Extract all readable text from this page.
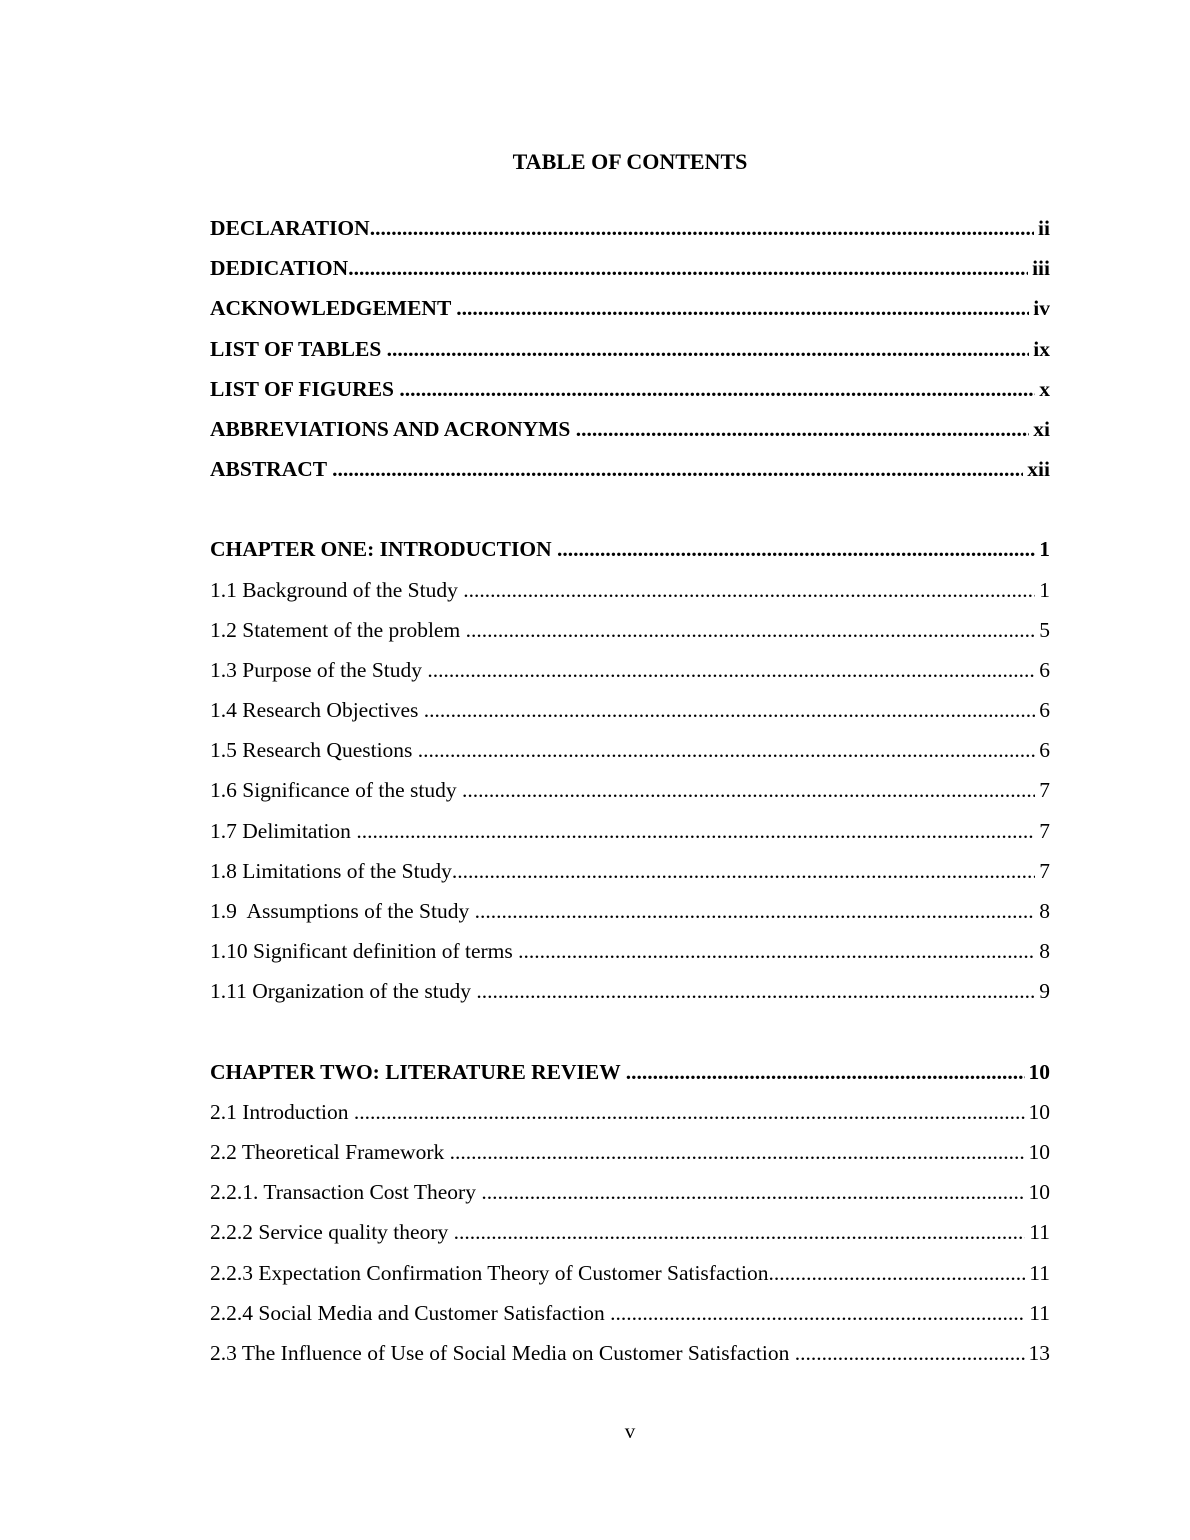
TABLE OF CONTENTS
DECLARATION .....	ii
DEDICATION .....	iii
ACKNOWLEDGEMENT .....	iv
LIST OF TABLES .....	ix
LIST OF FIGURES .....	x
ABBREVIATIONS AND ACRONYMS .....	xi
ABSTRACT .....	xii
CHAPTER ONE: INTRODUCTION .....	1
1.1 Background of the Study .....	1
1.2 Statement of the problem .....	5
1.3 Purpose of the Study .....	6
1.4 Research Objectives .....	6
1.5 Research Questions .....	6
1.6 Significance of the study .....	7
1.7 Delimitation .....	7
1.8 Limitations of the Study .....	7
1.9  Assumptions of the Study .....	8
1.10 Significant definition of terms .....	8
1.11 Organization of the study .....	9
CHAPTER TWO: LITERATURE REVIEW .....	10
2.1 Introduction .....	10
2.2 Theoretical Framework .....	10
2.2.1. Transaction Cost Theory .....	10
2.2.2 Service quality theory .....	11
2.2.3 Expectation Confirmation Theory of Customer Satisfaction .....	11
2.2.4 Social Media and Customer Satisfaction .....	11
2.3 The Influence of Use of Social Media on Customer Satisfaction .....	13
v
